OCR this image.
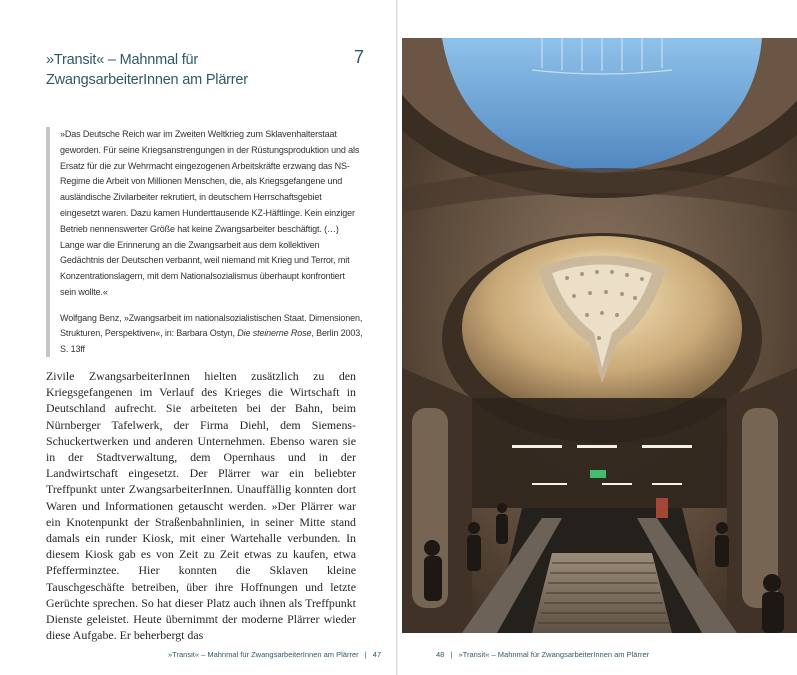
»Transit« – Mahnmal für ZwangsarbeiterInnen am Plärrer
7

»Das Deutsche Reich war im Zweiten Weltkrieg zum Sklavenhalterstaat geworden. Für seine Kriegsanstrengungen in der Rüstungsproduktion und als Ersatz für die zur Wehrmacht eingezogenen Arbeitskräfte erzwang das NS-Regime die Arbeit von Millionen Menschen, die, als Kriegsgefangene und ausländische Zivilarbeiter rekrutiert, in deutschem Herrschaftsgebiet eingesetzt waren. Dazu kamen Hunderttausende KZ-Häftlinge. Kein einziger Betrieb nennenswerter Größe hat keine Zwangsarbeiter beschäftigt. (…) Lange war die Erinnerung an die Zwangsarbeit aus dem kollektiven Gedächtnis der Deutschen verbannt, weil niemand mit Krieg und Terror, mit Konzentrationslagern, mit dem Nationalsozialismus überhaupt konfrontiert sein wollte.«

Wolfgang Benz, »Zwangsarbeit im nationalsozialistischen Staat. Dimensionen, Strukturen, Perspektiven«, in: Barbara Ostyn, Die steinerne Rose, Berlin 2003, S. 13ff

Zivile ZwangsarbeiterInnen hielten zusätzlich zu den Kriegsgefangenen im Verlauf des Krieges die Wirtschaft in Deutschland aufrecht. Sie arbeiteten bei der Bahn, beim Nürnberger Tafelwerk, der Firma Diehl, dem Siemens-Schuckertwerken und anderen Unternehmen. Ebenso waren sie in der Stadtverwaltung, dem Opernhaus und in der Landwirtschaft eingesetzt. Der Plärrer war ein beliebter Treffpunkt unter ZwangsarbeiterInnen. Unauffällig konnten dort Waren und Informationen getauscht werden. »Der Plärrer war ein Knotenpunkt der Straßenbahnlinien, in seiner Mitte stand damals ein runder Kiosk, mit einer Wartehalle verbunden. In diesem Kiosk gab es von Zeit zu Zeit etwas zu kaufen, etwa Pfefferminztee. Hier konnten die Sklaven kleine Tauschgeschäfte betreiben, über ihre Hoffnungen und letzte Gerüchte sprechen. So hat dieser Platz auch ihnen als Treffpunkt Dienste geleistet. Heute übernimmt der moderne Plärrer wieder diese Aufgabe. Er beherbergt das

»Transit« – Mahnmal für ZwangsarbeiterInnen am Plärrer | 47	48 | »Transit« – Mahnmal für ZwangsarbeiterInnen am Plärrer
